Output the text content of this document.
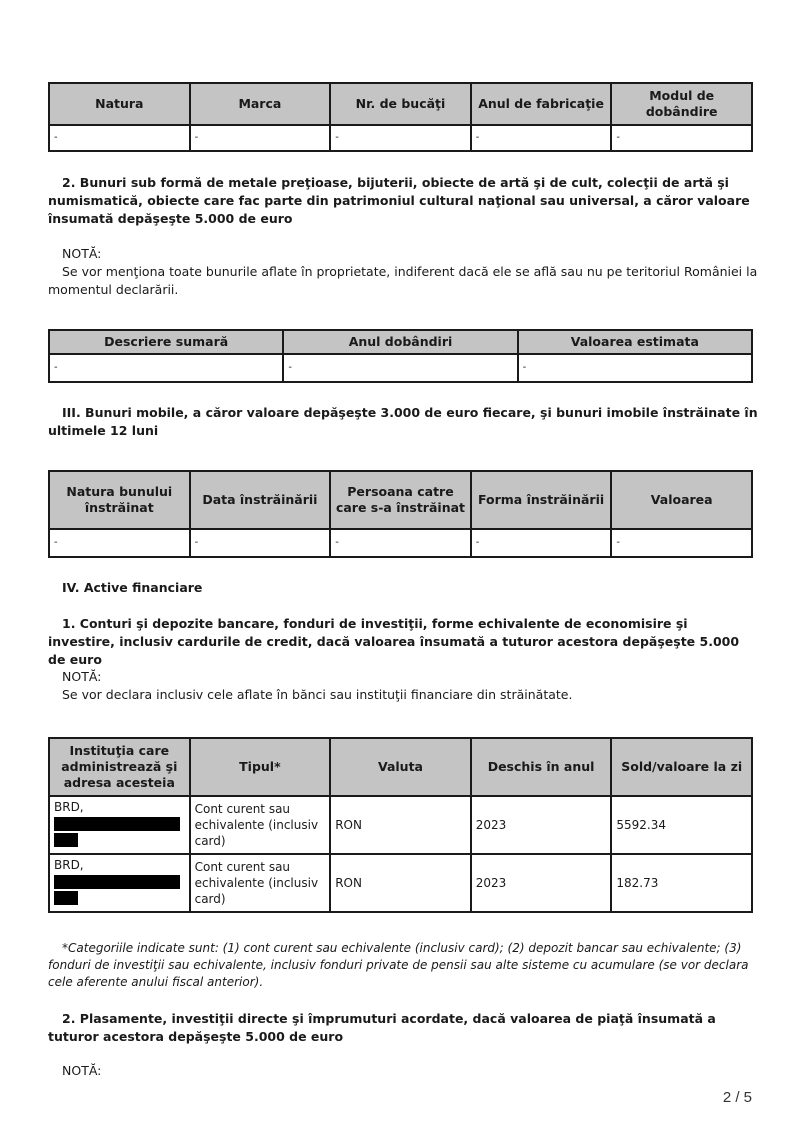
Natura	Marca	Nr. de bucăţi	Anul de fabricaţie	Modul de dobândire
-	-	-	-	-
2. Bunuri sub formă de metale preţioase, bijuterii, obiecte de artă şi de cult, colecţii de artă şi numismatică, obiecte care fac parte din patrimoniul cultural naţional sau universal, a căror valoare însumată depăşeşte 5.000 de euro
NOTĂ:
Se vor menţiona toate bunurile aflate în proprietate, indiferent dacă ele se află sau nu pe teritoriul României la momentul declarării.
Descriere sumară	Anul dobândiri	Valoarea estimata
-	-	-
III. Bunuri mobile, a căror valoare depăşeşte 3.000 de euro fiecare, şi bunuri imobile înstrăinate în ultimele 12 luni
Natura bunului înstrăinat	Data înstrăinării	Persoana catre care s-a înstrăinat	Forma înstrăinării	Valoarea
-	-	-	-	-
IV. Active financiare
1. Conturi şi depozite bancare, fonduri de investiţii, forme echivalente de economisire şi investire, inclusiv cardurile de credit, dacă valoarea însumată a tuturor acestora depăşeşte 5.000 de euro
NOTĂ:
Se vor declara inclusiv cele aflate în bănci sau instituţii financiare din străinătate.
Instituţia care administrează şi adresa acesteia	Tipul*	Valuta	Deschis în anul	Sold/valoare la zi
BRD,	Cont curent sau echivalente (inclusiv card)	RON	2023	5592.34
BRD,	Cont curent sau echivalente (inclusiv card)	RON	2023	182.73
*Categoriile indicate sunt: (1) cont curent sau echivalente (inclusiv card); (2) depozit bancar sau echivalente; (3) fonduri de investiţii sau echivalente, inclusiv fonduri private de pensii sau alte sisteme cu acumulare (se vor declara cele aferente anului fiscal anterior).
2. Plasamente, investiţii directe şi împrumuturi acordate, dacă valoarea de piaţă însumată a tuturor acestora depăşeşte 5.000 de euro
NOTĂ:
2 / 5
